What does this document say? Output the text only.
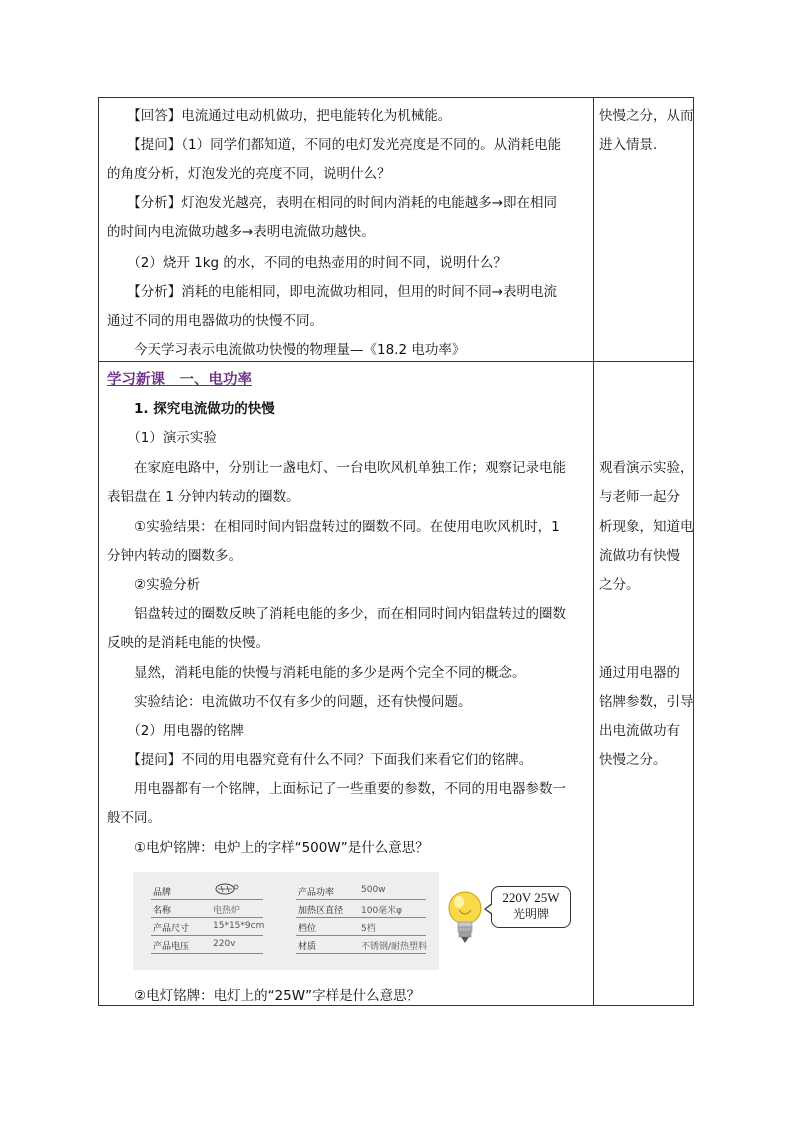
　　【回答】电流通过电动机做功，把电能转化为机械能。
　　【提问】（1）同学们都知道，不同的电灯发光亮度是不同的。从消耗电能
的角度分析，灯泡发光的亮度不同，说明什么？
　　【分析】灯泡发光越亮，表明在相同的时间内消耗的电能越多→即在相同
的时间内电流做功越多→表明电流做功越快。
　　（2）烧开 1kg 的水，不同的电热壶用的时间不同，说明什么？
　　【分析】消耗的电能相同，即电流做功相同，但用的时间不同→表明电流
通过不同的用电器做功的快慢不同。
　　今天学习表示电流做功快慢的物理量—《18.2 电功率》
快慢之分，从而
进入情景.
学习新课　一、电功率
　　1. 探究电流做功的快慢
　　（1）演示实验
　　在家庭电路中，分别让一盏电灯、一台电吹风机单独工作；观察记录电能
表铝盘在 1 分钟内转动的圈数。
　　①实验结果：在相同时间内铝盘转过的圈数不同。在使用电吹风机时，1
分钟内转动的圈数多。
　　②实验分析
　　铝盘转过的圈数反映了消耗电能的多少，而在相同时间内铝盘转过的圈数
反映的是消耗电能的快慢。
　　显然，消耗电能的快慢与消耗电能的多少是两个完全不同的概念。
　　实验结论：电流做功不仅有多少的问题，还有快慢问题。
　　（2）用电器的铭牌
　　【提问】不同的用电器究竟有什么不同？下面我们来看它们的铭牌。
　　用电器都有一个铭牌，上面标记了一些重要的参数，不同的用电器参数一
般不同。
　　①电炉铭牌：电炉上的字样“500W”是什么意思？
观看演示实验，
与老师一起分
析现象，知道电
流做功有快慢
之分。
通过用电器的
铭牌参数，引导
出电流做功有
快慢之分。
品牌
名称	电热炉
产品尺寸	15*15*9cm
产品电压	220v
产品功率	500w
加热区直径 100毫米φ
档位	5档
材质	不锈钢/耐热塑料
220V 25W
光明牌
　　②电灯铭牌：电灯上的“25W”字样是什么意思？
